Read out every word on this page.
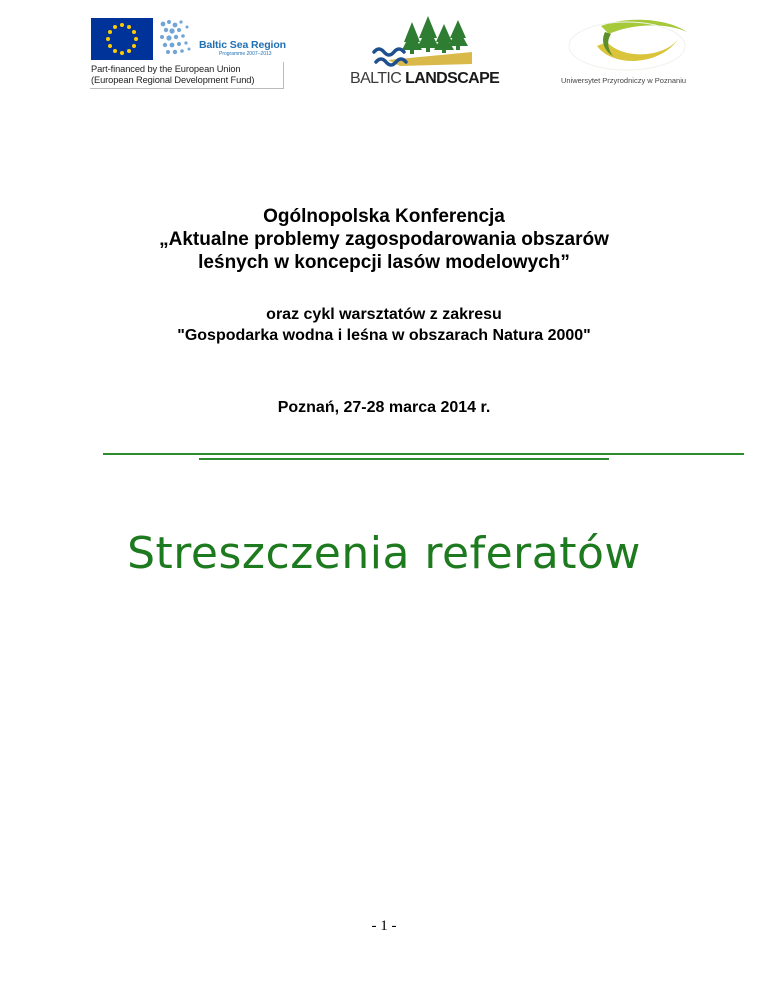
Baltic Sea Region
Programme 2007–2013
Part-financed by the European Union
(European Regional Development Fund)	BALTIC LANDSCAPE	Uniwersytet Przyrodniczy w Poznaniu
Ogólnopolska Konferencja
„Aktualne problemy zagospodarowania obszarów
leśnych w koncepcji lasów modelowych”
oraz cykl warsztatów z zakresu
"Gospodarka wodna i leśna w obszarach Natura 2000"
Poznań, 27-28 marca 2014 r.
Streszczenia referatów
- 1 -
